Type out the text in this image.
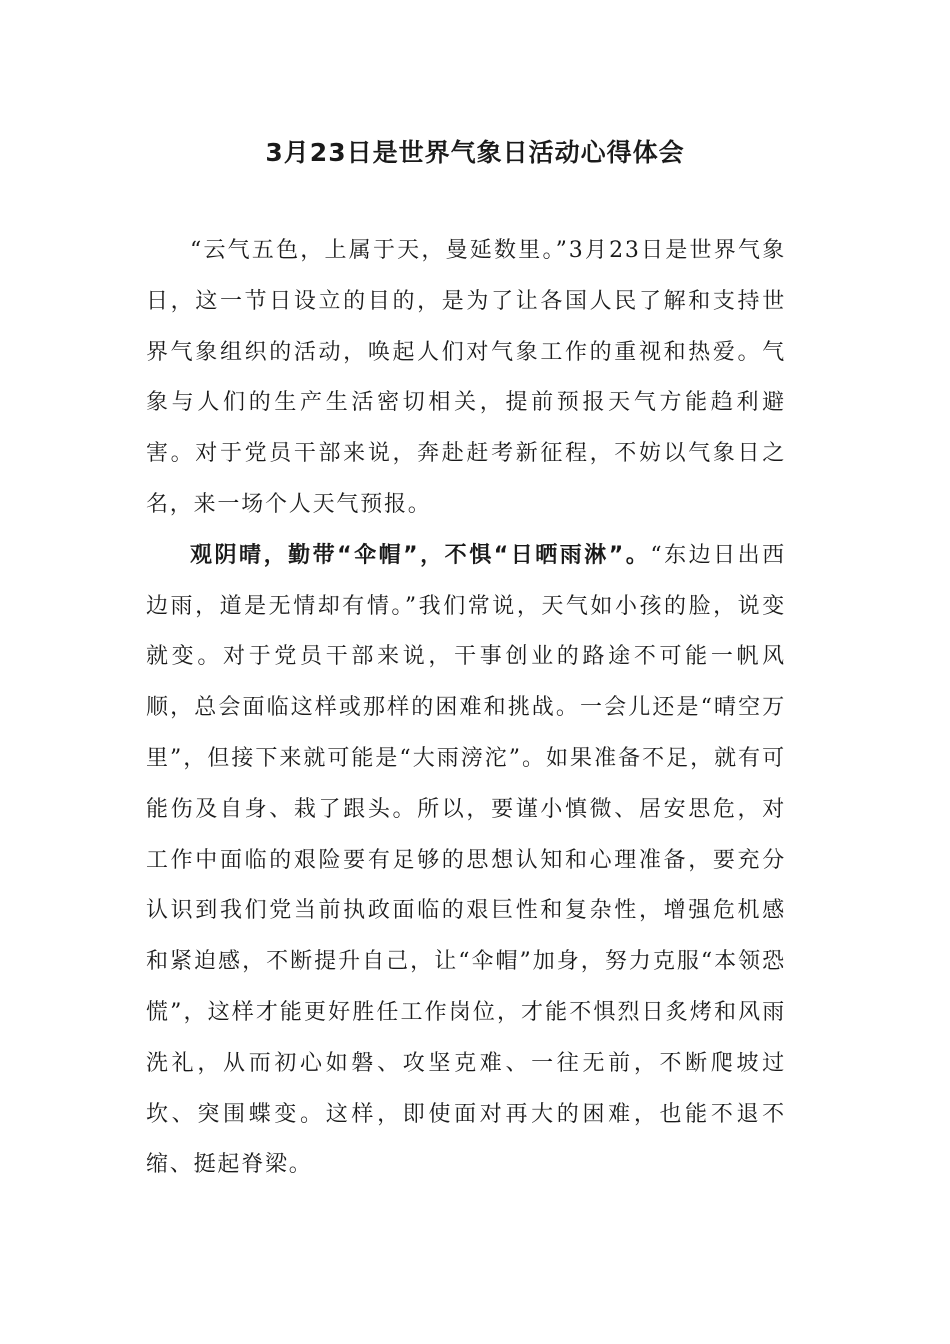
3月23日是世界气象日活动心得体会

“云气五色，上属于天，曼延数里。”3月23日是世界气象日，这一节日设立的目的，是为了让各国人民了解和支持世界气象组织的活动，唤起人们对气象工作的重视和热爱。气象与人们的生产生活密切相关，提前预报天气方能趋利避害。对于党员干部来说，奔赴赶考新征程，不妨以气象日之名，来一场个人天气预报。

观阴晴，勤带“伞帽”，不惧“日晒雨淋”。“东边日出西边雨，道是无情却有情。”我们常说，天气如小孩的脸，说变就变。对于党员干部来说，干事创业的路途不可能一帆风顺，总会面临这样或那样的困难和挑战。一会儿还是“晴空万里”，但接下来就可能是“大雨滂沱”。如果准备不足，就有可能伤及自身、栽了跟头。所以，要谨小慎微、居安思危，对工作中面临的艰险要有足够的思想认知和心理准备，要充分认识到我们党当前执政面临的艰巨性和复杂性，增强危机感和紧迫感，不断提升自己，让“伞帽”加身，努力克服“本领恐慌”，这样才能更好胜任工作岗位，才能不惧烈日炙烤和风雨洗礼，从而初心如磐、攻坚克难、一往无前，不断爬坡过坎、突围蝶变。这样，即使面对再大的困难，也能不退不缩、挺起脊梁。
